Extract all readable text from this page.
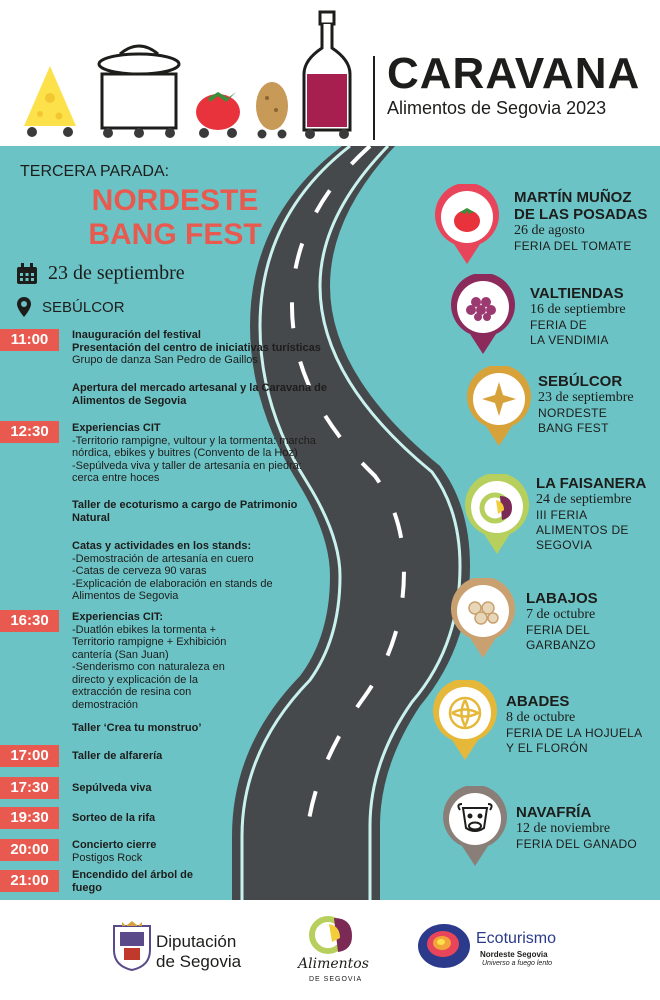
CARAVANA
Alimentos de Segovia 2023
TERCERA PARADA:
NORDESTE
BANG FEST
23 de septiembre
SEBÚLCOR
11:00	Inauguración del festival
Presentación del centro de iniciativas turísticas
Grupo de danza San Pedro de Gaillos
Apertura del mercado artesanal y la Caravana de
Alimentos de Segovia
12:30	Experiencias CIT
-Territorio rampigne, vultour y la tormenta: marcha
nórdica, ebikes y buitres (Convento de la Hoz)
-Sepúlveda viva y taller de artesanía en piedra:
cerca entre hoces
Taller de ecoturismo a cargo de Patrimonio
Natural
Catas y actividades en los stands:
-Demostración de artesanía en cuero
-Catas de cerveza 90 varas
-Explicación de elaboración en stands de
Alimentos de Segovia
16:30	Experiencias CIT:
-Duatlón ebikes la tormenta +
Territorio rampigne + Exhibición
cantería (San Juan)
-Senderismo con naturaleza en
directo y explicación de la
extracción de resina con
demostración
Taller ‘Crea tu monstruo’
17:00	Taller de alfarería
17:30	Sepúlveda viva
19:30	Sorteo de la rifa
20:00	Concierto cierre
Postigos Rock
21:00	Encendido del árbol de
fuego
MARTÍN MUÑOZ
DE LAS POSADAS
26 de agosto
FERIA DEL TOMATE
VALTIENDAS
16 de septiembre
FERIA DE
LA VENDIMIA
SEBÚLCOR
23 de septiembre
NORDESTE
BANG FEST
LA FAISANERA
24 de septiembre
III FERIA
ALIMENTOS DE
SEGOVIA
LABAJOS
7 de octubre
FERIA DEL
GARBANZO
ABADES
8 de octubre
FERIA DE LA HOJUELA
Y EL FLORÓN
NAVAFRÍA
12 de noviembre
FERIA DEL GANADO
Diputación
de Segovia	Alimentos
DE SEGOVIA
Ecoturismo
Nordeste Segovia
Universo a fuego lento
